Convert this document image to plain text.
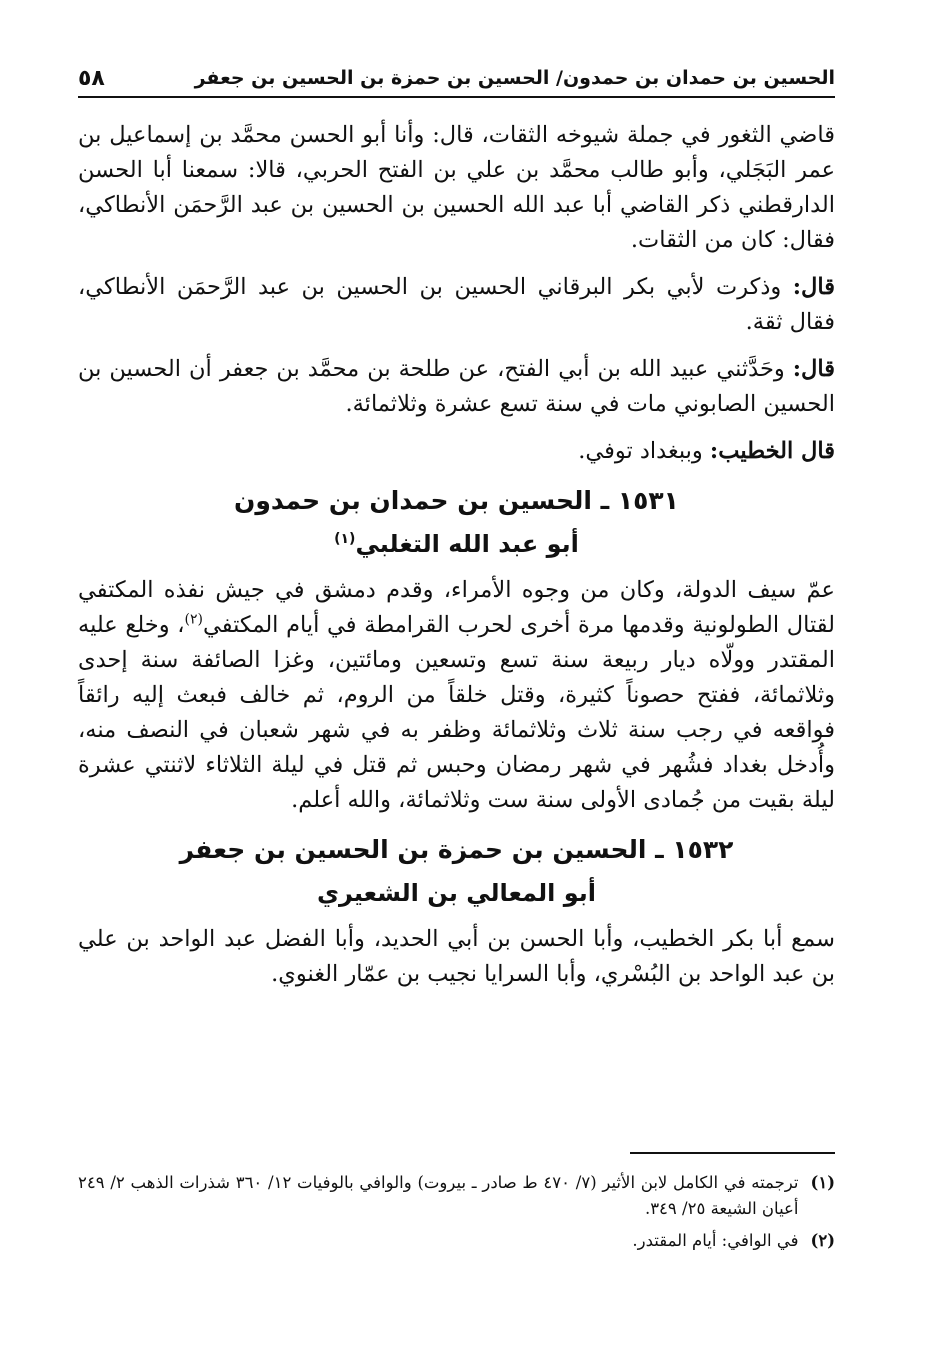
٥٨	الحسين بن حمدان بن حمدون/ الحسين بن حمزة بن الحسين بن جعفر

قاضي الثغور في جملة شيوخه الثقات، قال: وأنا أبو الحسن محمَّد بن إسماعيل بن عمر البَجَلي، وأبو طالب محمَّد بن علي بن الفتح الحربي، قالا: سمعنا أبا الحسن الدارقطني ذكر القاضي أبا عبد الله الحسين بن الحسين بن عبد الرَّحمَن الأنطاكي، فقال: كان من الثقات.

قال: وذكرت لأبي بكر البرقاني الحسين بن الحسين بن عبد الرَّحمَن الأنطاكي، فقال ثقة.

قال: وحَدَّثني عبيد الله بن أبي الفتح، عن طلحة بن محمَّد بن جعفر أن الحسين بن الحسين الصابوني مات في سنة تسع عشرة وثلاثمائة.

قال الخطيب: وببغداد توفي.

١٥٣١ ـ الحسين بن حمدان بن حمدون
أبو عبد الله التغلبي$^{(١)}$

عمّ سيف الدولة، وكان من وجوه الأمراء، وقدم دمشق في جيش نفذه المكتفي لقتال الطولونية وقدمها مرة أخرى لحرب القرامطة في أيام المكتفي$^{(٢)}$، وخلع عليه المقتدر وولّاه ديار ربيعة سنة تسع وتسعين ومائتين، وغزا الصائفة سنة إحدى وثلاثمائة، ففتح حصوناً كثيرة، وقتل خلقاً من الروم، ثم خالف فبعث إليه رائقاً فواقعه في رجب سنة ثلاث وثلاثمائة وظفر به في شهر شعبان في النصف منه، وأُدخل بغداد فشُهر في شهر رمضان وحبس ثم قتل في ليلة الثلاثاء لاثنتي عشرة ليلة بقيت من جُمادى الأولى سنة ست وثلاثمائة، والله أعلم.

١٥٣٢ ـ الحسين بن حمزة بن الحسين بن جعفر
أبو المعالي بن الشعيري

سمع أبا بكر الخطيب، وأبا الحسن بن أبي الحديد، وأبا الفضل عبد الواحد بن علي بن عبد الواحد بن البُسْري، وأبا السرايا نجيب بن عمّار الغنوي.

(١)
ترجمته في الكامل لابن الأثير (٧/ ٤٧٠ ط صادر ـ بيروت) والوافي بالوفيات ١٢/ ٣٦٠ شذرات الذهب ٢/ ٢٤٩ أعيان الشيعة ٢٥/ ٣٤٩.
(٢)
في الوافي: أيام المقتدر.
